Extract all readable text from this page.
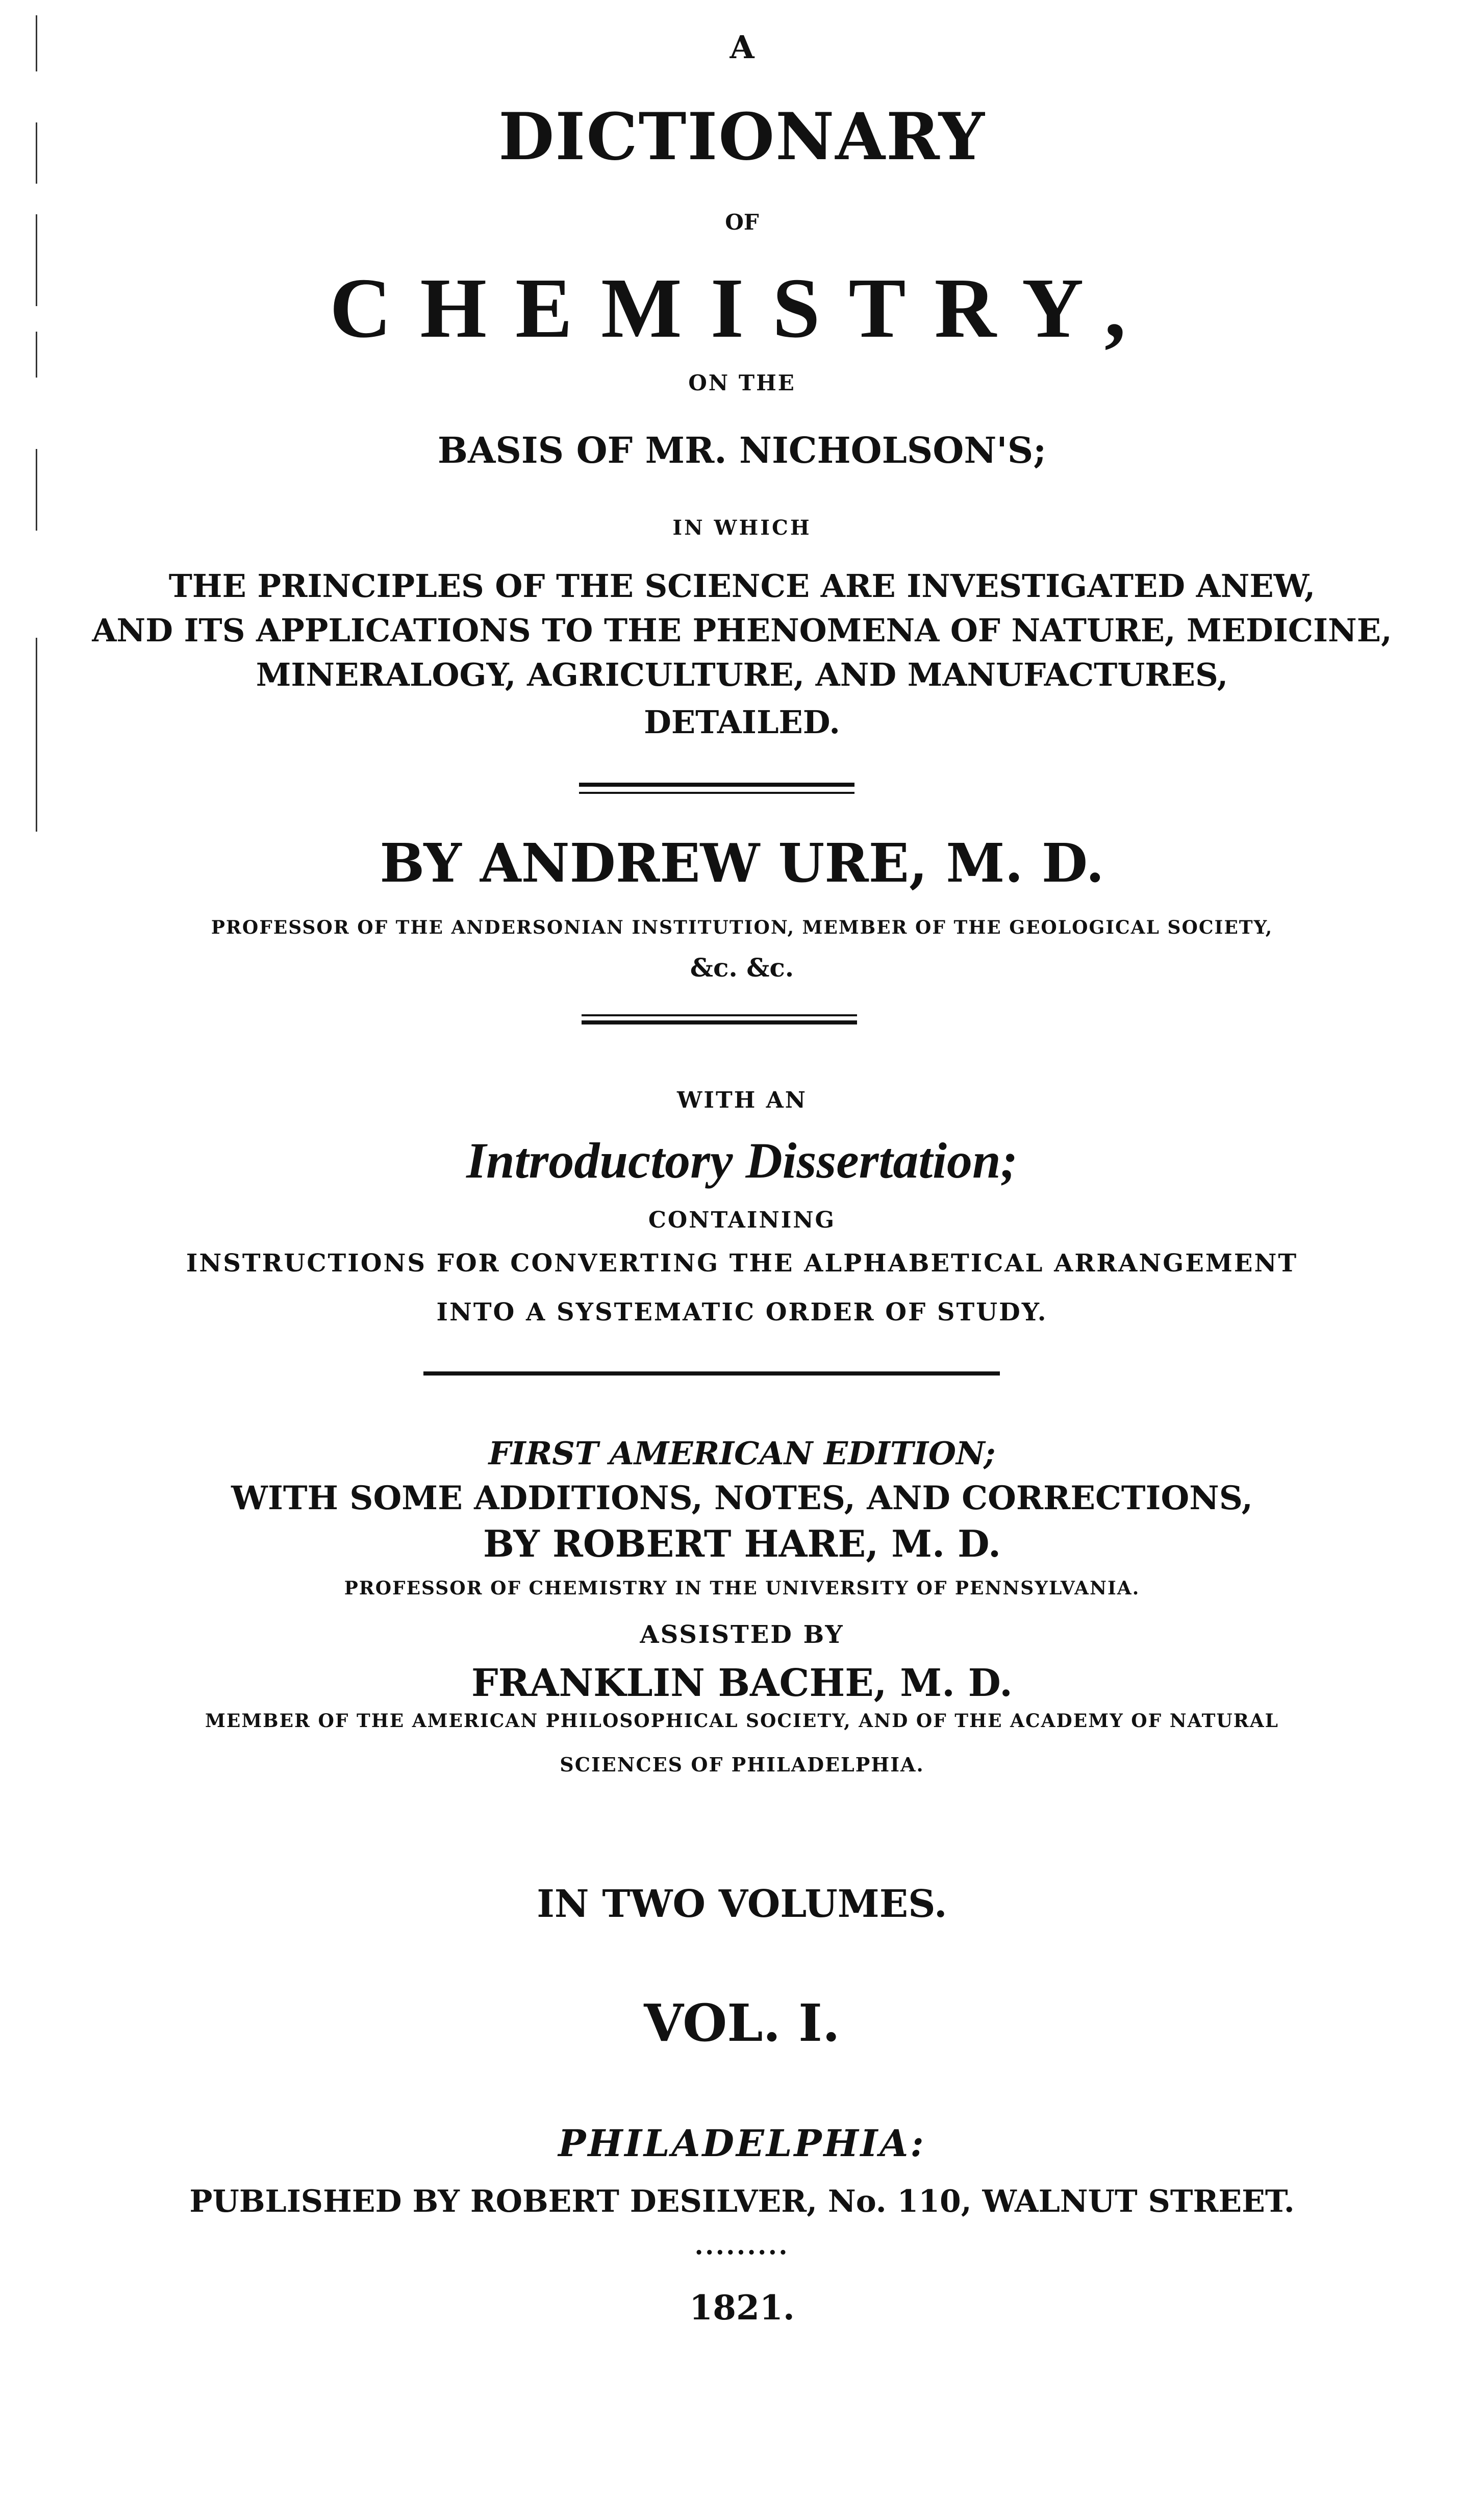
A
DICTIONARY
OF
CHEMISTRY,
ON THE
BASIS OF MR. NICHOLSON'S;
IN WHICH
THE PRINCIPLES OF THE SCIENCE ARE INVESTIGATED ANEW,
AND ITS APPLICATIONS TO THE PHENOMENA OF NATURE, MEDICINE,
MINERALOGY, AGRICULTURE, AND MANUFACTURES,
DETAILED.
BY ANDREW URE, M. D.
PROFESSOR OF THE ANDERSONIAN INSTITUTION, MEMBER OF THE GEOLOGICAL SOCIETY,
&c. &c.
WITH AN
Introductory Dissertation;
CONTAINING
INSTRUCTIONS FOR CONVERTING THE ALPHABETICAL ARRANGEMENT
INTO A SYSTEMATIC ORDER OF STUDY.
FIRST AMERICAN EDITION;
WITH SOME ADDITIONS, NOTES, AND CORRECTIONS,
BY ROBERT HARE, M. D.
PROFESSOR OF CHEMISTRY IN THE UNIVERSITY OF PENNSYLVANIA.
ASSISTED BY
FRANKLIN BACHE, M. D.
MEMBER OF THE AMERICAN PHILOSOPHICAL SOCIETY, AND OF THE ACADEMY OF NATURAL
SCIENCES OF PHILADELPHIA.
IN TWO VOLUMES.
VOL. I.
PHILADELPHIA:
PUBLISHED BY ROBERT DESILVER, No. 110, WALNUT STREET.
•••••••••
1821.
